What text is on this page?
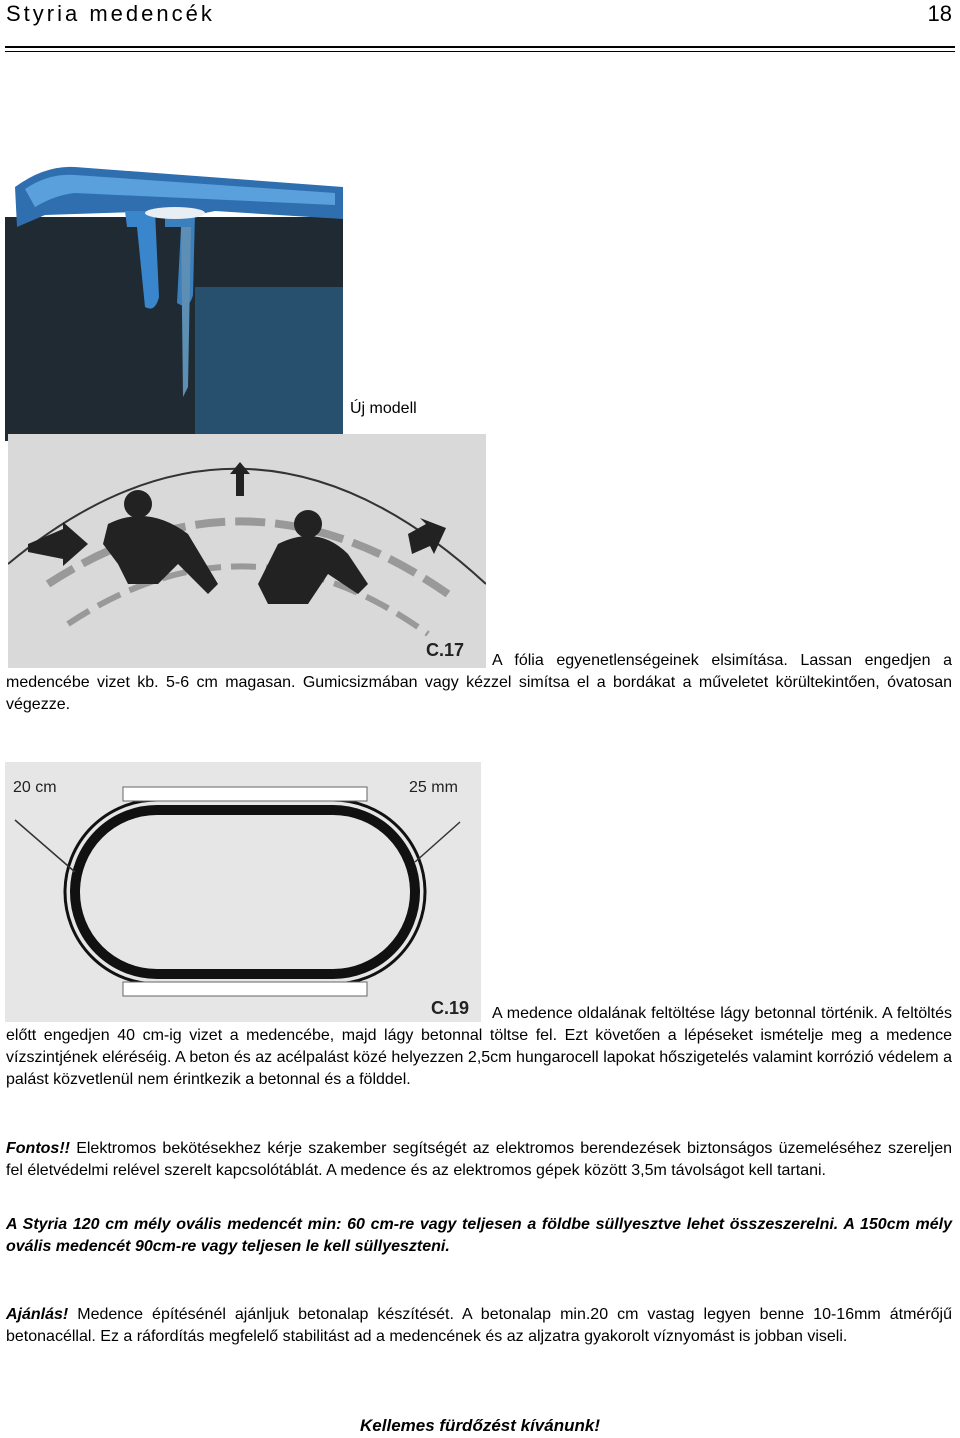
Styria medencék	18
Új modell
C.17
A fólia egyenetlenségeinek elsimítása. Lassan engedjen a medencébe vizet kb. 5-6 cm magasan. Gumicsizmában vagy kézzel simítsa el a bordákat a műveletet körültekintően, óvatosan végezze.
20 cm	25 mm
C.19	A medence oldalának feltöltése lágy betonnal történik. A feltöltés előtt engedjen 40 cm-ig vizet a medencébe, majd lágy betonnal töltse fel. Ezt követően a lépéseket ismételje meg a medence vízszintjének eléréséig. A beton és az acélpalást közé helyezzen 2,5cm hungarocell lapokat hőszigetelés valamint korrózió védelem a palást közvetlenül nem érintkezik a betonnal és a földdel.
Fontos!! Elektromos bekötésekhez kérje szakember segítségét az elektromos berendezések biztonságos üzemeléséhez szereljen fel életvédelmi relével szerelt kapcsolótáblát. A medence és az elektromos gépek között 3,5m távolságot kell tartani.
A Styria 120 cm mély ovális medencét min: 60 cm-re vagy teljesen a földbe süllyesztve lehet összeszerelni. A 150cm mély ovális medencét 90cm-re vagy teljesen le kell süllyeszteni.
Ajánlás! Medence építésénél ajánljuk betonalap készítését. A betonalap min.20 cm vastag legyen benne 10-16mm átmérőjű betonacéllal. Ez a ráfordítás megfelelő stabilitást ad a medencének és az aljzatra gyakorolt víznyomást is jobban viseli.
Kellemes fürdőzést kívánunk!
